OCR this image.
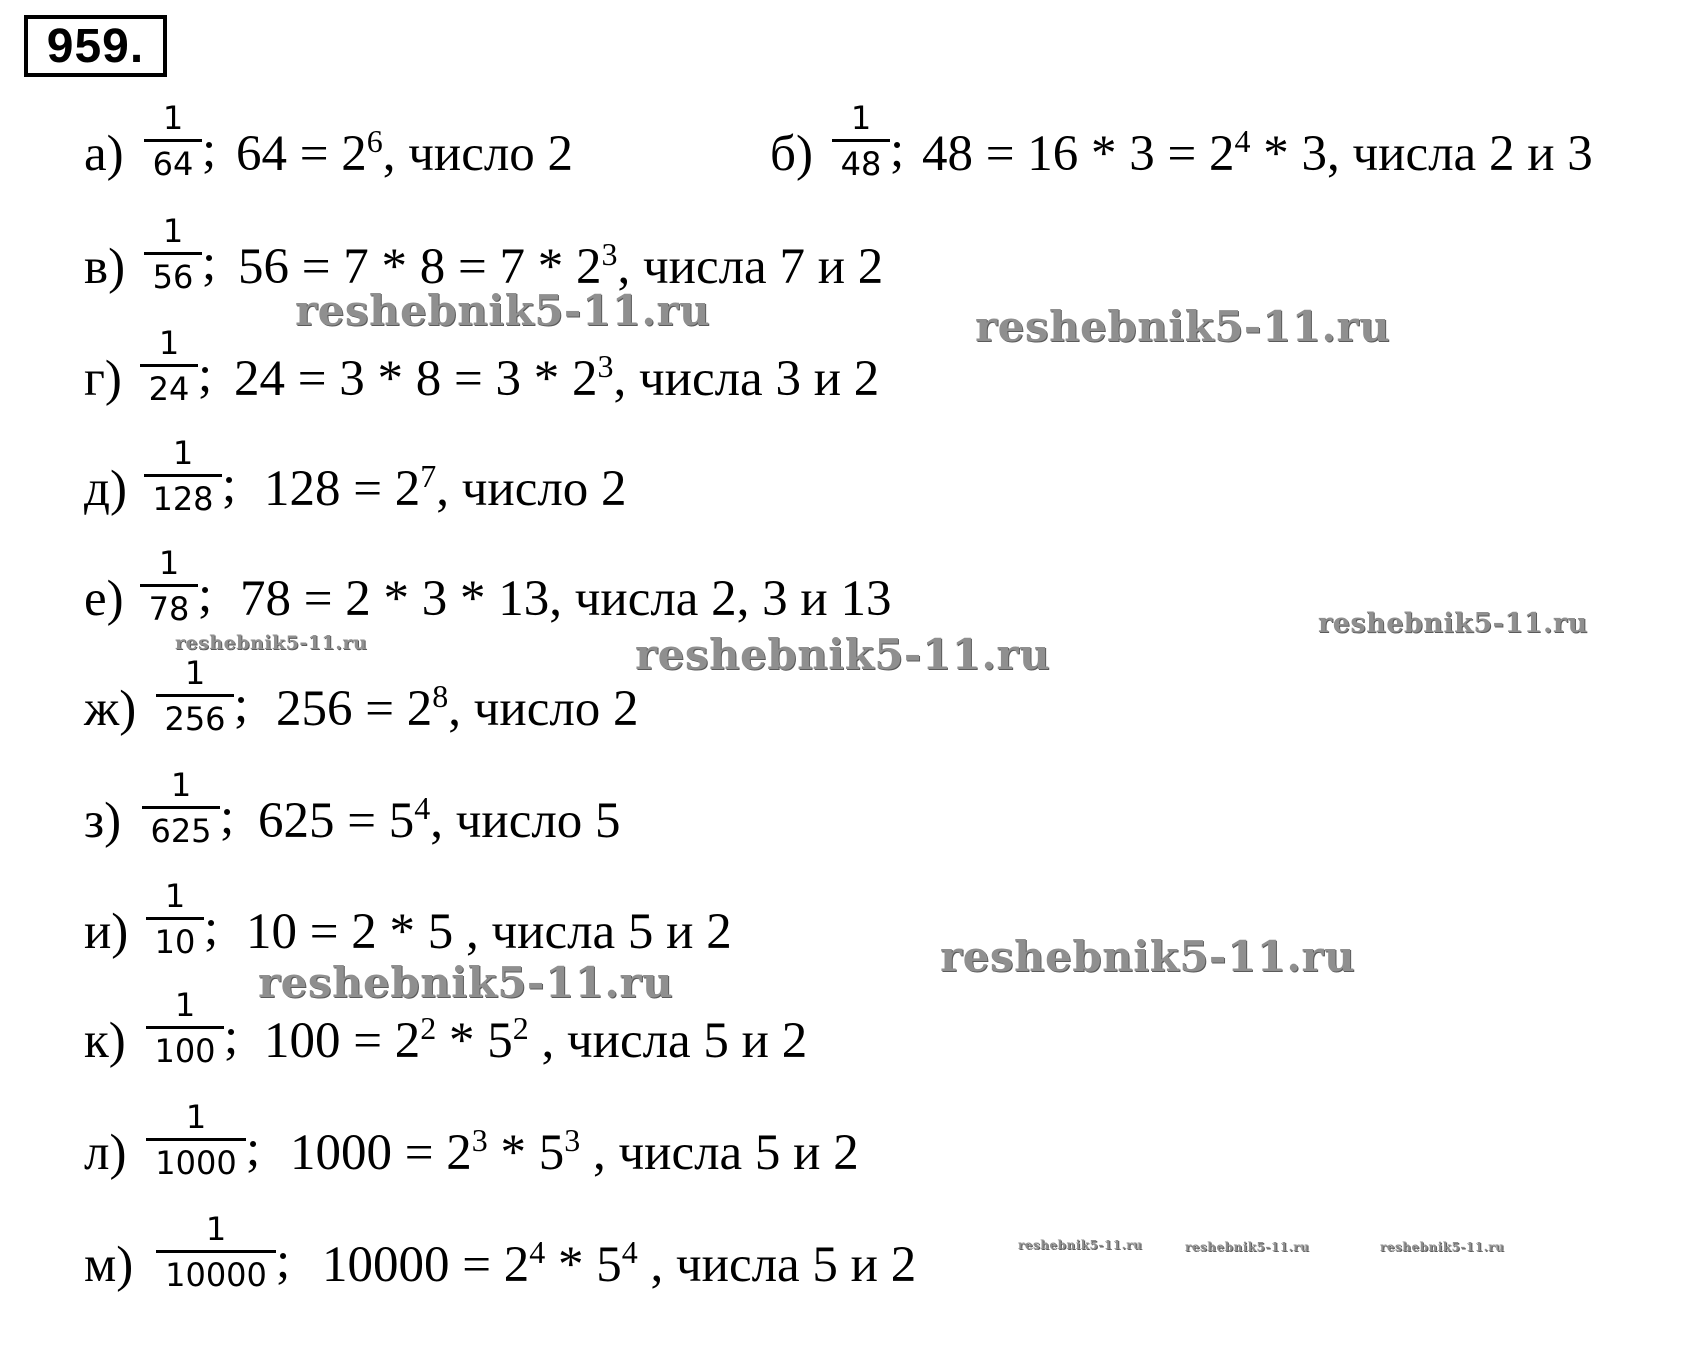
959.
а)
1
64 ; $64 = 2^6$, число 2	б)
1
48 ; $48 = 16 * 3 = 2^4 * 3$, числа 2 и 3
в)
1
56 ; $56 = 7 * 8 = 7 * 2^3$, числа 7 и 2
г)
1
24 ; $24 = 3 * 8 = 3 * 2^3$, числа 3 и 2
д)
1
128 ; $128 = 2^7$, число 2
е)
1
78 ; 78 = 2 * 3 * 13, числа 2, 3 и 13
ж)
1
256 ; $256 = 2^8$, число 2
з)
1
625 ; $625 = 5^4$, число 5
и)
1
10 ; 10 = 2 * 5 , числа 5 и 2
к)
1
100 ; $100 = 2^2 * 5^2$ , числа 5 и 2
л)
1
1000 ; $1000 = 2^3 * 5^3$ , числа 5 и 2
м)
1
10000 ; $10000 = 2^4 * 5^4$ , числа 5 и 2
reshebnik5-11.ru	reshebnik5-11.ru
reshebnik5-11.ru	reshebnik5-11.ru
reshebnik5-11.ru
reshebnik5-11.ru
reshebnik5-11.ru
reshebnik5-11.ru	reshebnik5-11.ru	reshebnik5-11.ru
